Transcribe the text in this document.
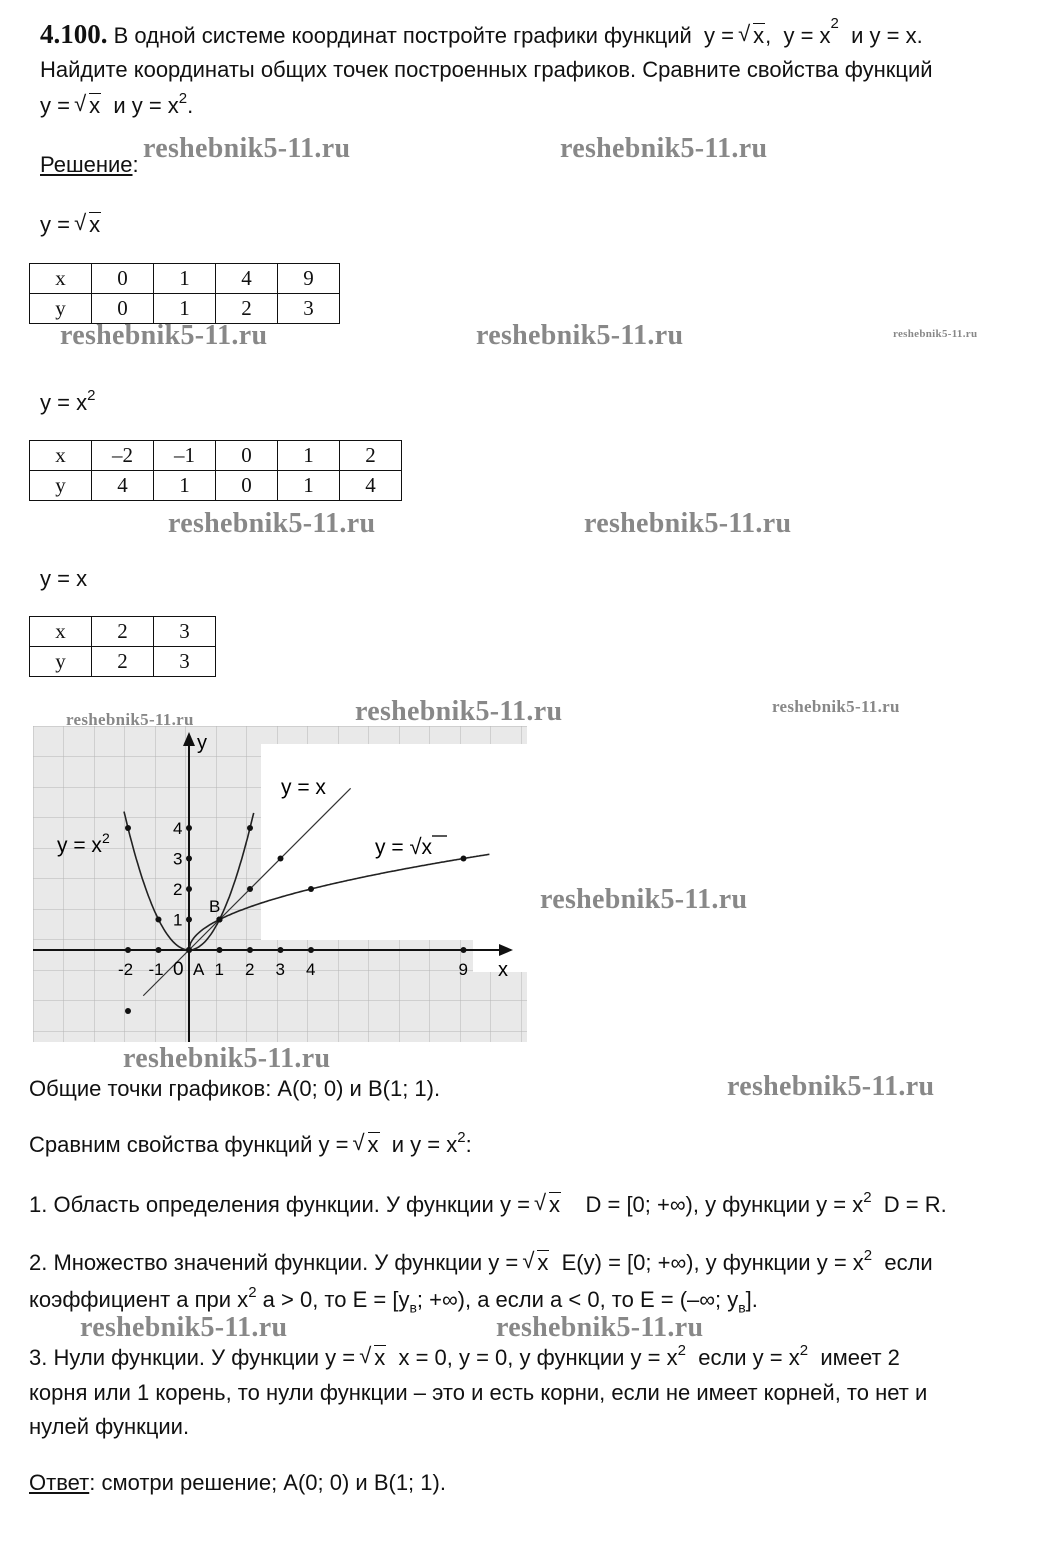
4.100. В одной системе координат постройте графики функций y = √ x, $y = x^2$ и y = x.
Найдите координаты общих точек построенных графиков. Сравните свойства функций
y = √ x и $y = x^2$.
Решение:
y = √ x
x	0	1	4	9
y	0	1	2	3
$y = x^2$
x	–2	–1	0	1	2
y	4	1	0	1	4
y = x
x	2	3
y	2	3
y
x
-2 -1	1 2 3 4	9
1
2
3
4
0 A
B
$y = x^2$
y = x
y = √x
Общие точки графиков: A(0; 0) и B(1; 1).
Сравним свойства функций y = √ x и $y = x^2$:
1. Область определения функции. У функции y = √ x D = [0; +∞), у функции $y = x^2$ D = R.
2. Множество значений функции. У функции y = √ x E(y) = [0; +∞), у функции $y = x^2$ если
коэффициент a при $x^2$ a > 0, то $E = [y_в$; +∞), а если a < 0, то E = (–∞; $y_в$].
3. Нули функции. У функции y = √ x x = 0, y = 0, у функции $y = x^2$ если $y = x^2$ имеет 2
корня или 1 корень, то нули функции – это и есть корни, если не имеет корней, то нет и
нулей функции.
Ответ: смотри решение; A(0; 0) и B(1; 1).
reshebnik5-11.ru	reshebnik5-11.ru
reshebnik5-11.ru	reshebnik5-11.ru	reshebnik5-11.ru
reshebnik5-11.ru	reshebnik5-11.ru
reshebnik5-11.ru	reshebnik5-11.ru	reshebnik5-11.ru
reshebnik5-11.ru
reshebnik5-11.ru
reshebnik5-11.ru
reshebnik5-11.ru	reshebnik5-11.ru
